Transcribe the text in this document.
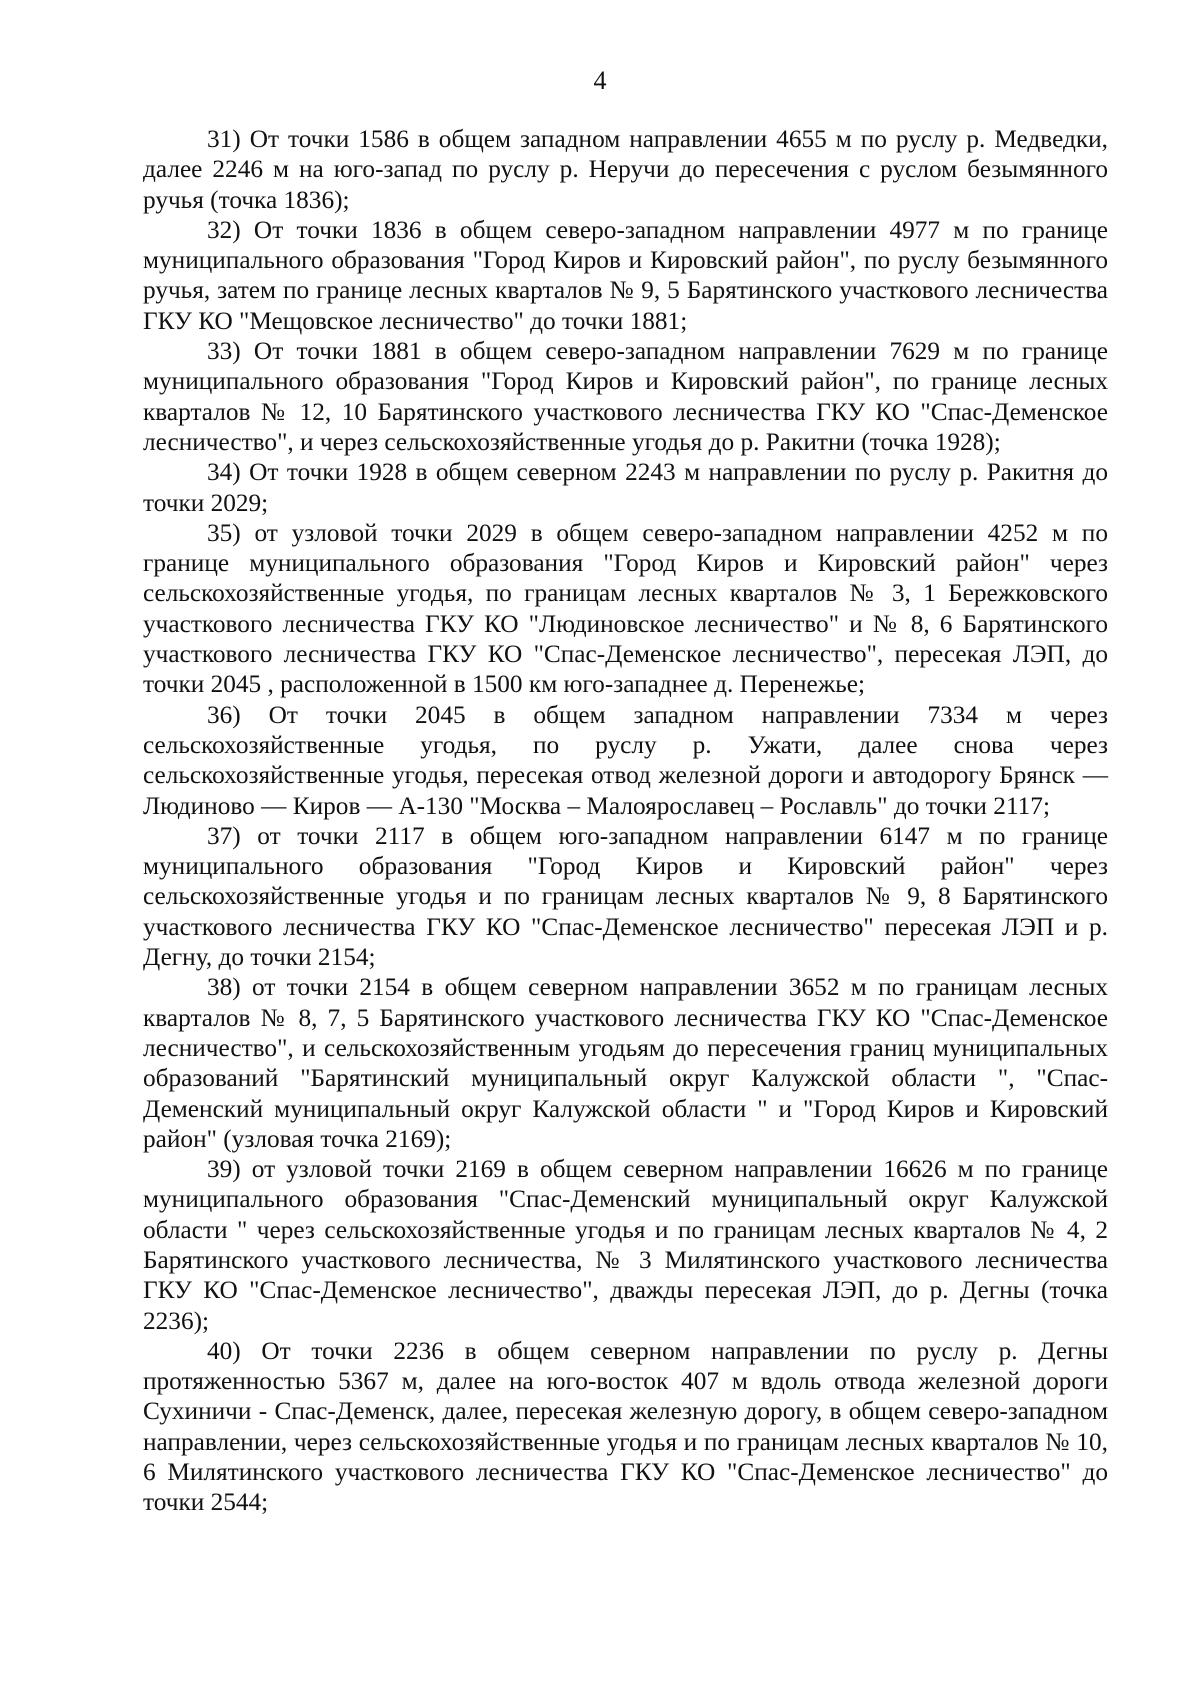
4

31) От точки 1586 в общем западном направлении 4655 м по руслу р. Медведки, далее 2246 м на юго-запад по руслу р. Неручи до пересечения с руслом безымянного ручья (точка 1836);

32) От точки 1836 в общем северо-западном направлении 4977 м по границе муниципального образования "Город Киров и Кировский район", по руслу безымянного ручья, затем по границе лесных кварталов № 9, 5 Барятинского участкового лесничества ГКУ КО "Мещовское лесничество" до точки 1881;

33) От точки 1881 в общем северо-западном направлении 7629 м по границе муниципального образования "Город Киров и Кировский район", по границе лесных кварталов № 12, 10 Барятинского участкового лесничества ГКУ КО "Спас-Деменское лесничество", и через сельскохозяйственные угодья до р. Ракитни (точка 1928);

34) От точки 1928 в общем северном 2243 м направлении по руслу р. Ракитня до точки 2029;

35) от узловой точки 2029 в общем северо-западном направлении 4252 м по границе муниципального образования "Город Киров и Кировский район" через сельскохозяйственные угодья, по границам лесных кварталов № 3, 1 Бережковского участкового лесничества ГКУ КО "Людиновское лесничество" и № 8, 6 Барятинского участкового лесничества ГКУ КО "Спас-Деменское лесничество", пересекая ЛЭП, до точки 2045 , расположенной в 1500 км юго-западнее д. Перенежье;

36) От точки 2045 в общем западном направлении 7334 м через сельскохозяйственные угодья, по руслу р. Ужати, далее снова через сельскохозяйственные угодья, пересекая отвод железной дороги и автодорогу Брянск — Людиново — Киров — А-130 "Москва – Малоярославец – Рославль" до точки 2117;

37) от точки 2117 в общем юго-западном направлении 6147 м по границе муниципального образования "Город Киров и Кировский район" через сельскохозяйственные угодья и по границам лесных кварталов № 9, 8 Барятинского участкового лесничества ГКУ КО "Спас-Деменское лесничество" пересекая ЛЭП и р. Дегну, до точки 2154;

38) от точки 2154 в общем северном направлении 3652 м по границам лесных кварталов № 8, 7, 5 Барятинского участкового лесничества ГКУ КО "Спас-Деменское лесничество", и сельскохозяйственным угодьям до пересечения границ муниципальных образований "Барятинский муниципальный округ Калужской области ", "Спас-Деменский муниципальный округ Калужской области " и "Город Киров и Кировский район" (узловая точка 2169);

39) от узловой точки 2169 в общем северном направлении 16626 м по границе муниципального образования "Спас-Деменский муниципальный округ Калужской области " через сельскохозяйственные угодья и по границам лесных кварталов № 4, 2 Барятинского участкового лесничества, № 3 Милятинского участкового лесничества ГКУ КО "Спас-Деменское лесничество", дважды пересекая ЛЭП, до р. Дегны (точка 2236);

40) От точки 2236 в общем северном направлении по руслу р. Дегны протяженностью 5367 м, далее на юго-восток 407 м вдоль отвода железной дороги Сухиничи - Спас-Деменск, далее, пересекая железную дорогу, в общем северо-западном направлении, через сельскохозяйственные угодья и по границам лесных кварталов № 10, 6 Милятинского участкового лесничества ГКУ КО "Спас-Деменское лесничество" до точки 2544;
